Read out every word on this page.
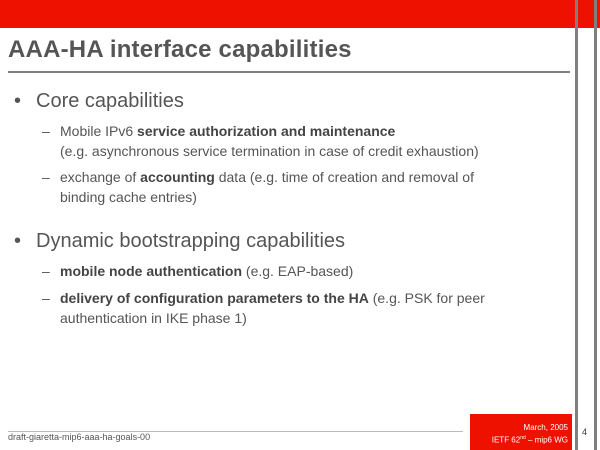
AAA-HA interface capabilities
• Core capabilities
– Mobile IPv6 service authorization and maintenance
(e.g. asynchronous service termination in case of credit exhaustion)
– exchange of accounting data (e.g. time of creation and removal of
binding cache entries)
• Dynamic bootstrapping capabilities
– mobile node authentication (e.g. EAP-based)
– delivery of configuration parameters to the HA (e.g. PSK for peer
authentication in IKE phase 1)
draft-giaretta-mip6-aaa-ha-goals-00
March, 2005
IETF 62nd – mip6 WG
4
